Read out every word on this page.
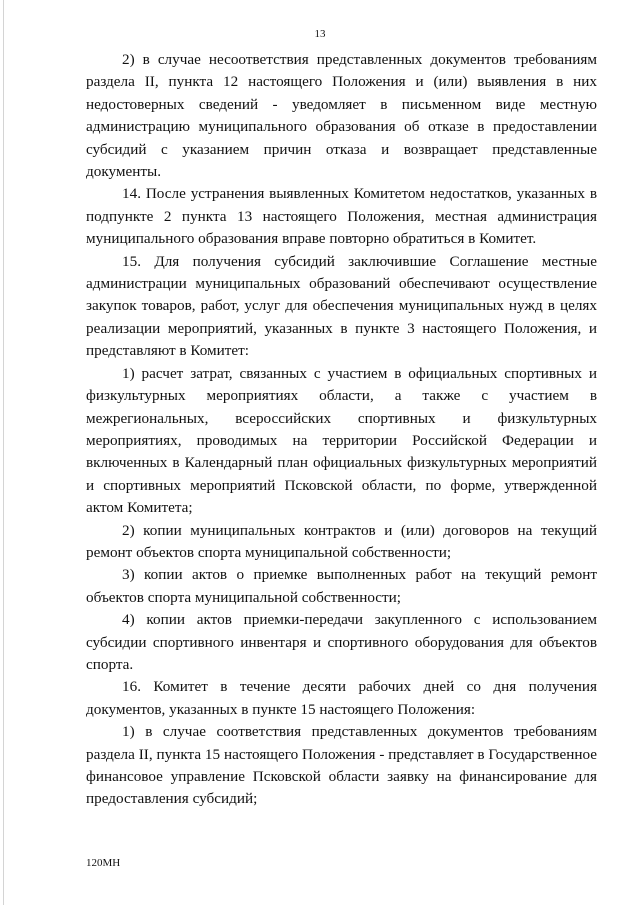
13

2) в случае несоответствия представленных документов требованиям раздела II, пункта 12 настоящего Положения и (или) выявления в них недостоверных сведений - уведомляет в письменном виде местную администрацию муниципального образования об отказе в предоставлении субсидий с указанием причин отказа и возвращает представленные документы.

14. После устранения выявленных Комитетом недостатков, указанных в подпункте 2 пункта 13 настоящего Положения, местная администрация муниципального образования вправе повторно обратиться в Комитет.

15. Для получения субсидий заключившие Соглашение местные администрации муниципальных образований обеспечивают осуществление закупок товаров, работ, услуг для обеспечения муниципальных нужд в целях реализации мероприятий, указанных в пункте 3 настоящего Положения, и представляют в Комитет:

1) расчет затрат, связанных с участием в официальных спортивных и физкультурных мероприятиях области, а также с участием в межрегиональных, всероссийских спортивных и физкультурных мероприятиях, проводимых на территории Российской Федерации и включенных в Календарный план официальных физкультурных мероприятий и спортивных мероприятий Псковской области, по форме, утвержденной актом Комитета;

2) копии муниципальных контрактов и (или) договоров на текущий ремонт объектов спорта муниципальной собственности;

3) копии актов о приемке выполненных работ на текущий ремонт объектов спорта муниципальной собственности;

4) копии актов приемки-передачи закупленного с использованием субсидии спортивного инвентаря и спортивного оборудования для объектов спорта.

16. Комитет в течение десяти рабочих дней со дня получения документов, указанных в пункте 15 настоящего Положения:

1) в случае соответствия представленных документов требованиям раздела II, пункта 15 настоящего Положения - представляет в Государственное финансовое управление Псковской области заявку на финансирование для предоставления субсидий;

120МН
